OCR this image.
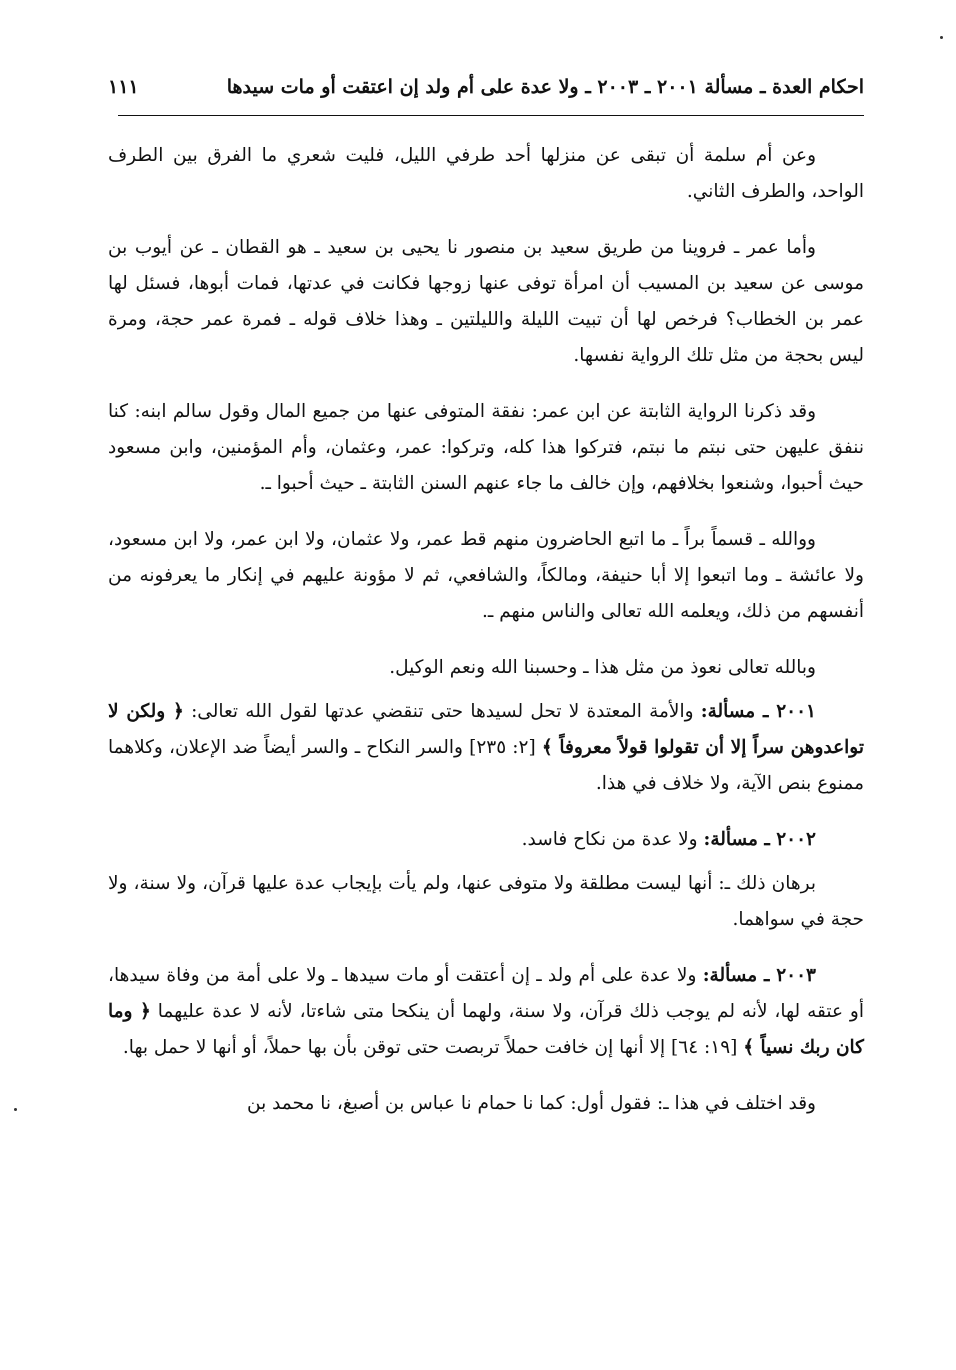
احكام العدة ـ مسألة ٢٠٠١ ـ ٢٠٠٣ ـ ولا عدة على أم ولد إن اعتقت أو مات سيدها
١١١

وعن أم سلمة أن تبقى عن منزلها أحد طرفي الليل، فليت شعري ما الفرق بين الطرف الواحد، والطرف الثاني.

وأما عمر ـ فروينا من طريق سعيد بن منصور نا يحيى بن سعيد ـ هو القطان ـ عن أيوب بن موسى عن سعيد بن المسيب أن امرأة توفى عنها زوجها فكانت في عدتها، فمات أبوها، فسئل لها عمر بن الخطاب؟ فرخص لها أن تبيت الليلة والليلتين ـ وهذا خلاف قوله ـ فمرة عمر حجة، ومرة ليس بحجة من مثل تلك الرواية نفسها.

وقد ذكرنا الرواية الثابتة عن ابن عمر: نفقة المتوفى عنها من جميع المال وقول سالم ابنه: كنا ننفق عليهن حتى نبتم ما نبتم، فتركوا هذا كله، وتركوا: عمر، وعثمان، وأم المؤمنين، وابن مسعود حيث أحبوا، وشنعوا بخلافهم، وإن خالف ما جاء عنهم السنن الثابتة ـ حيث أحبوا ـ.

ووالله ـ قسماً براً ـ ما اتبع الحاضرون منهم قط عمر، ولا عثمان، ولا ابن عمر، ولا ابن مسعود، ولا عائشة ـ وما اتبعوا إلا أبا حنيفة، ومالكاً، والشافعي، ثم لا مؤونة عليهم في إنكار ما يعرفونه من أنفسهم من ذلك، ويعلمه الله تعالى والناس منهم ـ.

وبالله تعالى نعوذ من مثل هذا ـ وحسبنا الله ونعم الوكيل.

٢٠٠١ ـ مسألة: والأمة المعتدة لا تحل لسيدها حتى تنقضي عدتها لقول الله تعالى: ﴿ ولكن لا تواعدوهن سراً إلا أن تقولوا قولاً معروفاً ﴾ [٢: ٢٣٥] والسر النكاح ـ والسر أيضاً ضد الإعلان، وكلاهما ممنوع بنص الآية، ولا خلاف في هذا.

٢٠٠٢ ـ مسألة: ولا عدة من نكاح فاسد.

برهان ذلك ـ: أنها ليست مطلقة ولا متوفى عنها، ولم يأت بإيجاب عدة عليها قرآن، ولا سنة، ولا حجة في سواهما.

٢٠٠٣ ـ مسألة: ولا عدة على أم ولد ـ إن أعتقت أو مات سيدها ـ ولا على أمة من وفاة سيدها، أو عتقه لها، لأنه لم يوجب ذلك قرآن، ولا سنة، ولهما أن ينكحا متى شاءتا، لأنه لا عدة عليهما ﴿ وما كان ربك نسياً ﴾ [١٩: ٦٤] إلا أنها إن خافت حملاً تربصت حتى توقن بأن بها حملاً، أو أنها لا حمل بها.

وقد اختلف في هذا ـ: فقول أول: كما نا حمام نا عباس بن أصبغ، نا محمد بن
